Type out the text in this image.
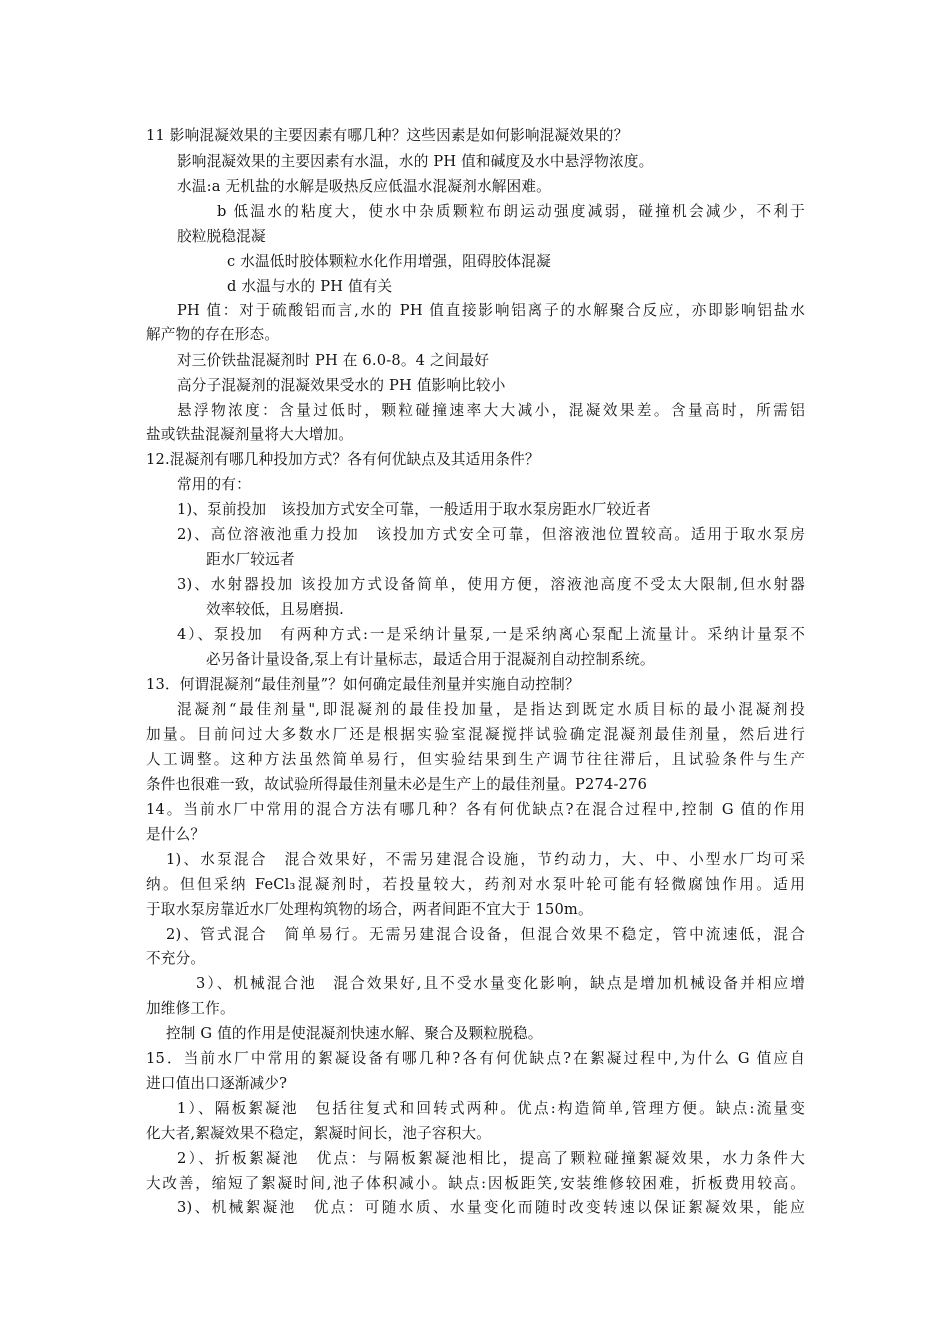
11 影响混凝效果的主要因素有哪几种？这些因素是如何影响混凝效果的？
影响混凝效果的主要因素有水温，水的 PH 值和碱度及水中悬浮物浓度。
水温:a 无机盐的水解是吸热反应低温水混凝剂水解困难。
b 低温水的粘度大，使水中杂质颗粒布朗运动强度减弱，碰撞机会减少，不利于
胶粒脱稳混凝
c 水温低时胶体颗粒水化作用增强，阻碍胶体混凝
d 水温与水的 PH 值有关
PH 值：对于硫酸铝而言,水的 PH 值直接影响铝离子的水解聚合反应，亦即影响铝盐水
解产物的存在形态。
对三价铁盐混凝剂时 PH 在 6.0-8。4 之间最好
高分子混凝剂的混凝效果受水的 PH 值影响比较小
悬浮物浓度：含量过低时，颗粒碰撞速率大大减小，混凝效果差。含量高时，所需铝
盐或铁盐混凝剂量将大大增加。
12.混凝剂有哪几种投加方式？各有何优缺点及其适用条件？
常用的有：
1)、泵前投加　该投加方式安全可靠，一般适用于取水泵房距水厂较近者
2)、高位溶液池重力投加　该投加方式安全可靠，但溶液池位置较高。适用于取水泵房
距水厂较远者
3)、水射器投加 该投加方式设备简单，使用方便，溶液池高度不受太大限制,但水射器
效率较低，且易磨损.
4）、泵投加　有两种方式:一是采纳计量泵,一是采纳离心泵配上流量计。采纳计量泵不
必另备计量设备,泵上有计量标志，最适合用于混凝剂自动控制系统。
13．何谓混凝剂“最佳剂量”？如何确定最佳剂量并实施自动控制？
混凝剂“最佳剂量",即混凝剂的最佳投加量，是指达到既定水质目标的最小混凝剂投
加量。目前问过大多数水厂还是根据实验室混凝搅拌试验确定混凝剂最佳剂量，然后进行
人工调整。这种方法虽然简单易行，但实验结果到生产调节往往滞后，且试验条件与生产
条件也很难一致，故试验所得最佳剂量未必是生产上的最佳剂量。P274-276
14。当前水厂中常用的混合方法有哪几种？各有何优缺点?在混合过程中,控制 G 值的作用
是什么？
1)、水泵混合　混合效果好，不需另建混合设施，节约动力，大、中、小型水厂均可采
纳。但但采纳 FeCl₃混凝剂时，若投量较大，药剂对水泵叶轮可能有轻微腐蚀作用。适用
于取水泵房靠近水厂处理构筑物的场合，两者间距不宜大于 150m。
2)、管式混合　简单易行。无需另建混合设备，但混合效果不稳定，管中流速低，混合
不充分。
3）、机械混合池　混合效果好,且不受水量变化影响，缺点是增加机械设备并相应增
加维修工作。
控制 G 值的作用是使混凝剂快速水解、聚合及颗粒脱稳。
15．当前水厂中常用的絮凝设备有哪几种?各有何优缺点?在絮凝过程中,为什么 G 值应自
进口值出口逐渐减少?
1）、隔板絮凝池　包括往复式和回转式两种。优点:构造简单,管理方便。缺点:流量变
化大者,絮凝效果不稳定，絮凝时间长，池子容积大。
2）、折板絮凝池　优点：与隔板絮凝池相比，提高了颗粒碰撞絮凝效果，水力条件大
大改善，缩短了絮凝时间,池子体积减小。缺点:因板距笑,安装维修较困难，折板费用较高。
3)、机械絮凝池　优点：可随水质、水量变化而随时改变转速以保证絮凝效果，能应
